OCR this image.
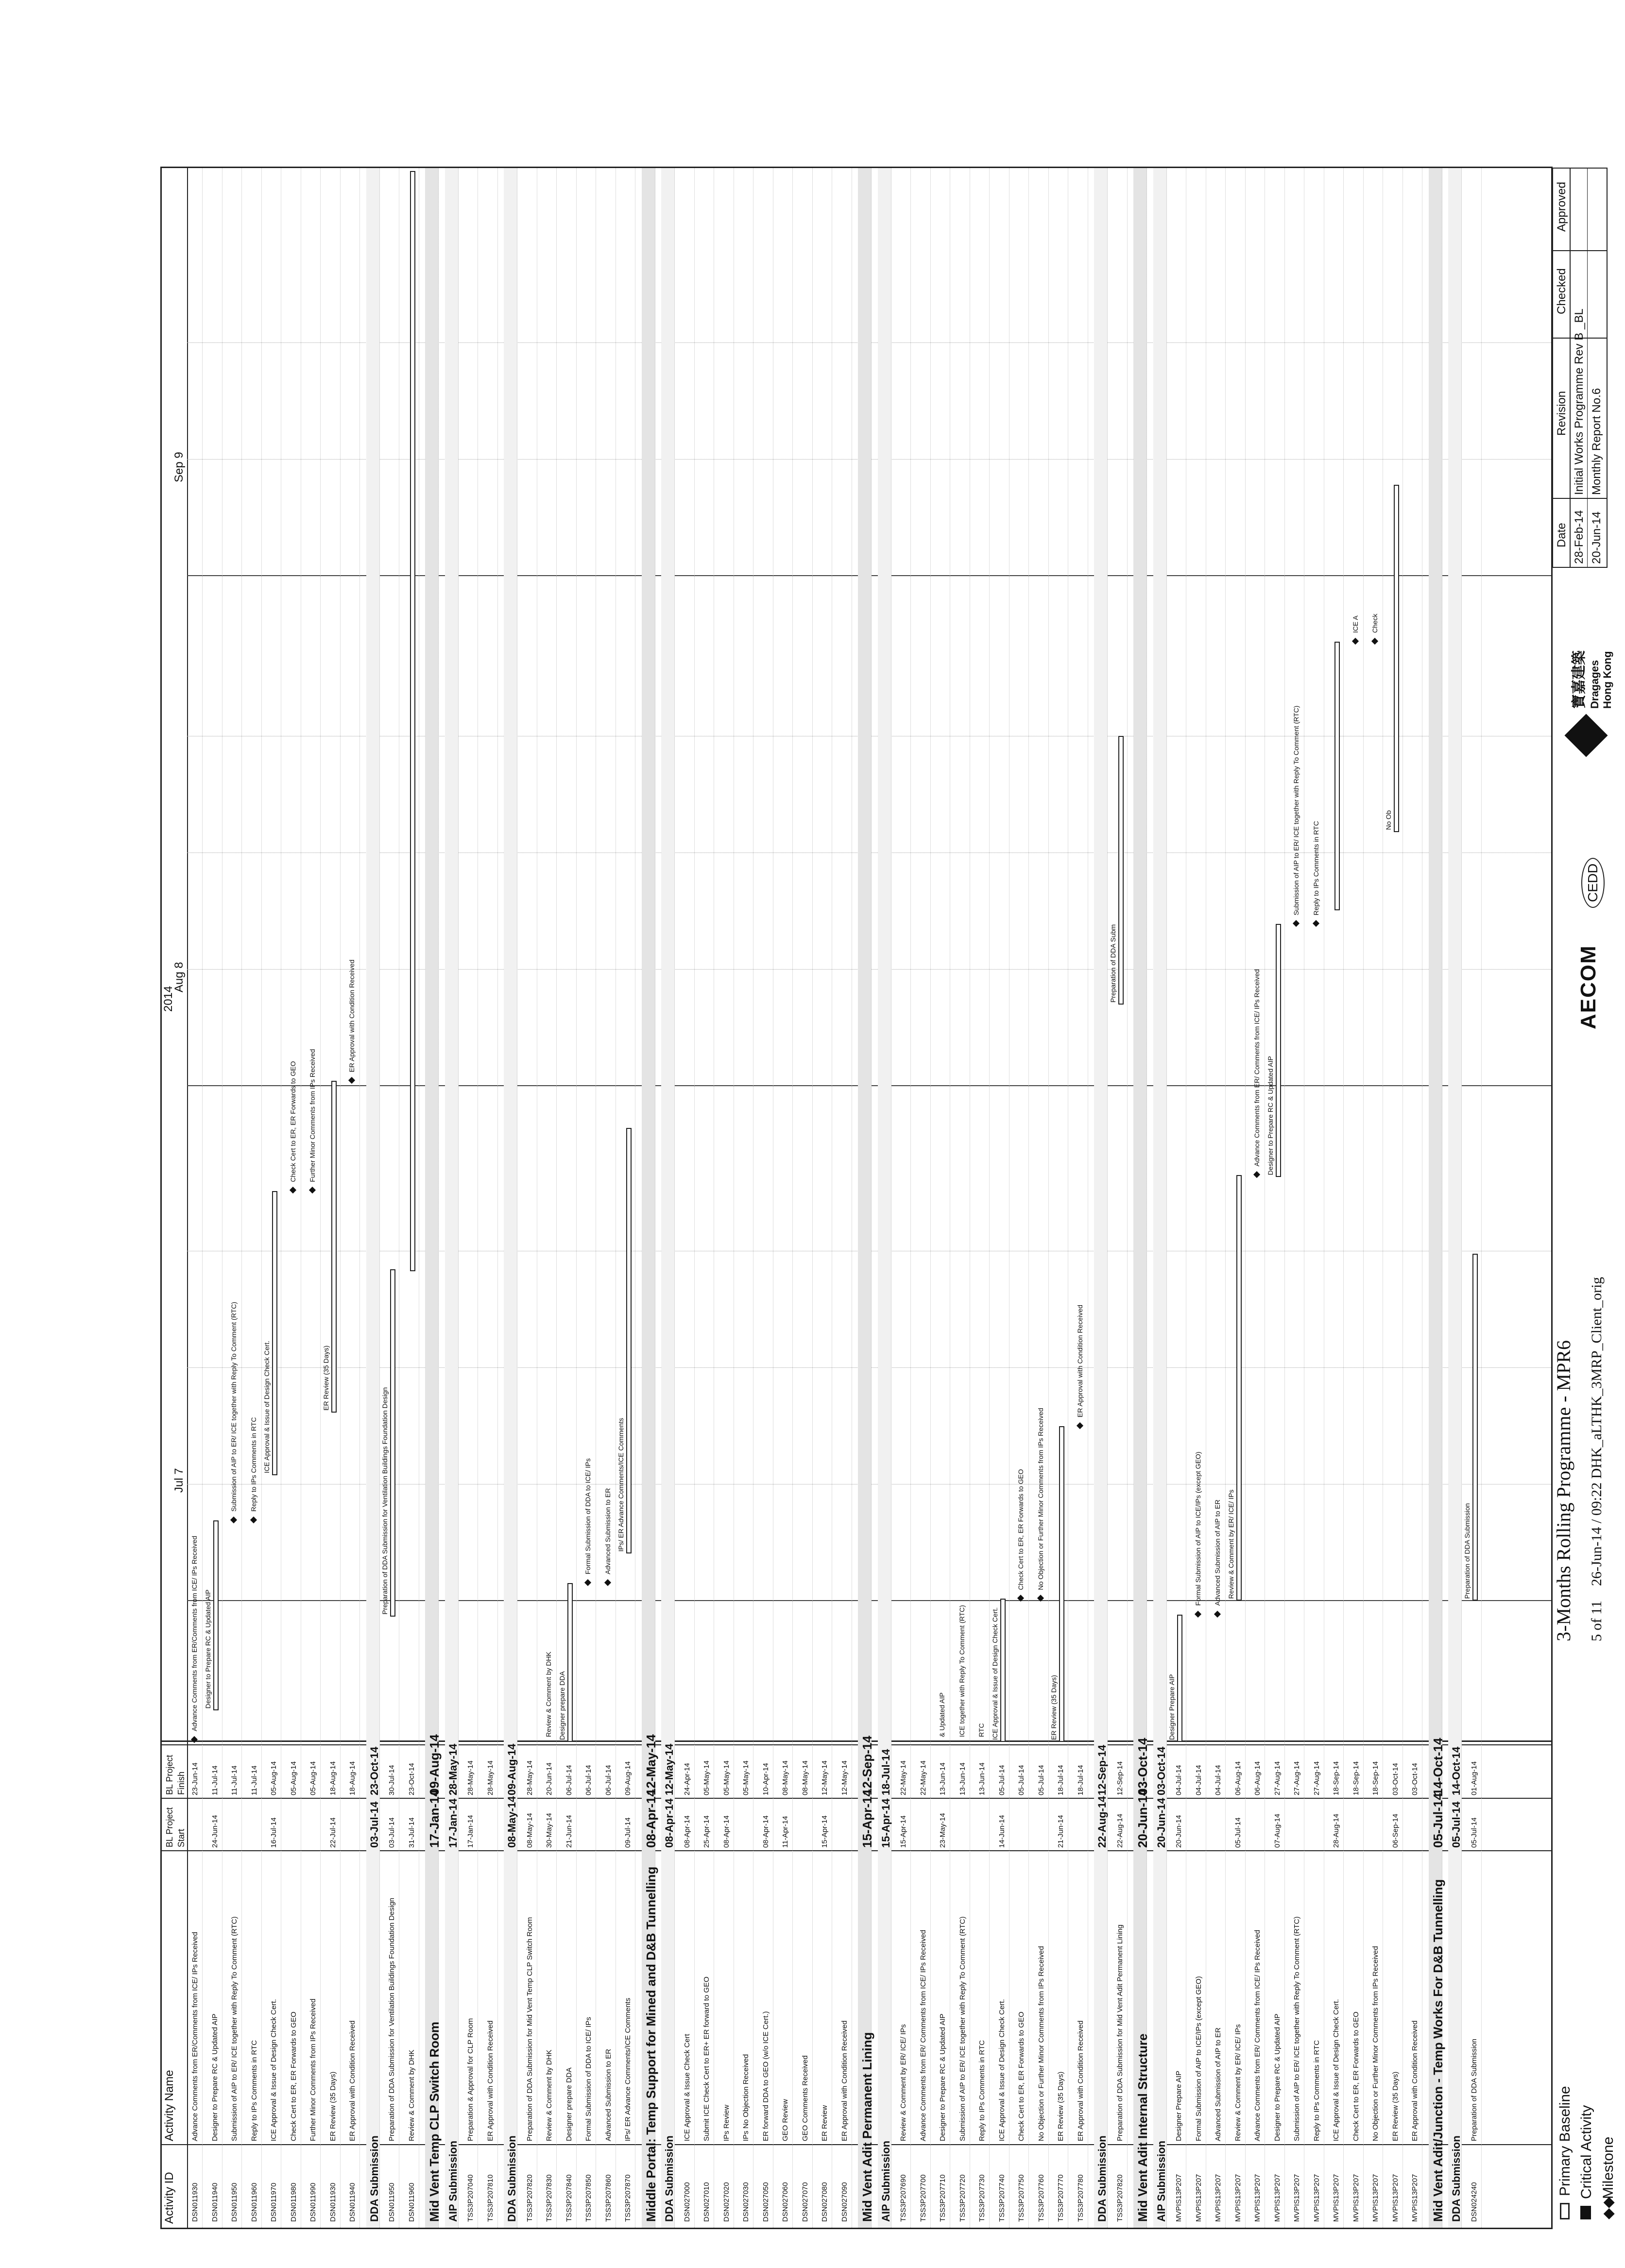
Activity ID
Activity Name
BL Project Start
BL Project Finish
2014
Jul 7
Aug 8
Sep 9
DSN011930
Advance Comments from ER/Comments from ICE/ IPs Received
23-Jun-14
Advance Comments from ER/Comments from ICE/ IPs Received
DSN011940
Designer to Prepare RC & Updated AIP
24-Jun-14
11-Jul-14
Designer to Prepare RC & Updated AIP
DSN011950
Submission of AIP to ER/ ICE together with Reply To Comment (RTC)
11-Jul-14
Submission of AIP to ER/ ICE together with Reply To Comment (RTC)
DSN011960
Reply to IPs Comments in RTC
11-Jul-14
Reply to IPs Comments in RTC
DSN011970
ICE Approval & Issue of Design Check Cert.
16-Jul-14
05-Aug-14
ICE Approval & Issue of Design Check Cert.
DSN011980
Check Cert to ER, ER Forwards to GEO
05-Aug-14
Check Cert to ER, ER Forwards to GEO
DSN011990
Further Minor Comments from IPs Received
05-Aug-14
Further Minor Comments from IPs Received
DSN011930
ER Review (35 Days)
22-Jul-14
18-Aug-14
ER Review (35 Days)
DSN011940
ER Approval with Condition Received
18-Aug-14
ER Approval with Condition Received
DDA Submission
03-Jul-14
23-Oct-14
DSN011950
Preparation of DDA Submission for Ventilation Buildings Foundation Design
03-Jul-14
30-Jul-14
Preparation of DDA Submission for Ventilation Buildings Foundation Design
DSN011960
Review & Comment by DHK
31-Jul-14
23-Oct-14
Mid Vent Temp CLP Switch Room
17-Jan-14
09-Aug-14
AIP Submission
17-Jan-14
28-May-14
TSS3P207040
Preparation & Approval for CLP Room
17-Jan-14
28-May-14
TSS3P207810
ER Approval with Condition Received
28-May-14
DDA Submission
08-May-14
09-Aug-14
TSS3P207820
Preparation of DDA Submission for Mid Vent Temp CLP Switch Room
08-May-14
28-May-14
TSS3P207830
Review & Comment by DHK
30-May-14
20-Jun-14
Review & Comment by DHK
TSS3P207840
Designer prepare DDA
21-Jun-14
06-Jul-14
Designer prepare DDA
TSS3P207850
Formal Submission of DDA to ICE/ IPs
06-Jul-14
Formal Submission of DDA to ICE/ IPs
TSS3P207860
Advanced Submission to ER
06-Jul-14
Advanced Submission to ER
TSS3P207870
IPs/ ER Advance Comments/ICE Comments
09-Jul-14
09-Aug-14
IPs/ ER Advance Comments/ICE Comments
Middle Portal: Temp Support for Mined and D&B Tunnelling
08-Apr-14
12-May-14
DDA Submission
08-Apr-14
12-May-14
DSN027000
ICE Approval & Issue Check Cert
08-Apr-14
24-Apr-14
DSN027010
Submit ICE Check Cert to ER+ ER forward to GEO
25-Apr-14
05-May-14
DSN027020
IPs Review
08-Apr-14
05-May-14
DSN027030
IPs No Objection Received
05-May-14
DSN027050
ER forward DDA to GEO (w/o ICE Cert.)
08-Apr-14
10-Apr-14
DSN027060
GEO Review
11-Apr-14
08-May-14
DSN027070
GEO Comments Received
08-May-14
DSN027080
ER Review
15-Apr-14
12-May-14
DSN027090
ER Approval with Condition Received
12-May-14
Mid Vent Adit Permanent Lining
15-Apr-14
12-Sep-14
AIP Submission
15-Apr-14
18-Jul-14
TSS3P207690
Review & Comment by ER/ ICE/ IPs
15-Apr-14
22-May-14
TSS3P207700
Advance Comments from ER/ Comments from ICE/ IPs Received
22-May-14
TSS3P207710
Designer to Prepare RC & Updated AIP
23-May-14
13-Jun-14
& Updated AIP
TSS3P207720
Submission of AIP to ER/ ICE together with Reply To Comment (RTC)
13-Jun-14
ICE together with Reply To Comment (RTC)
TSS3P207730
Reply to IPs Comments in RTC
13-Jun-14
RTC
TSS3P207740
ICE Approval & Issue of Design Check Cert.
14-Jun-14
05-Jul-14
ICE Approval & Issue of Design Check Cert.
TSS3P207750
Check Cert to ER, ER Forwards to GEO
05-Jul-14
Check Cert to ER, ER Forwards to GEO
TSS3P207760
No Objection or Further Minor Comments from IPs Received
05-Jul-14
No Objection or Further Minor Comments from IPs Received
TSS3P207770
ER Review (35 Days)
21-Jun-14
18-Jul-14
ER Review (35 Days)
TSS3P207780
ER Approval with Condition Received
18-Jul-14
ER Approval with Condition Received
DDA Submission
22-Aug-14
12-Sep-14
TSS3P207820
Preparation of DDA Submission for Mid Vent Adit Permanent Lining
22-Aug-14
12-Sep-14
Preparation of DDA Subm
Mid Vent Adit Internal Structure
20-Jun-14
03-Oct-14
AIP Submission
20-Jun-14
03-Oct-14
MVPIS13P207
Designer Prepare AIP
20-Jun-14
04-Jul-14
Designer Prepare AIP
MVPIS13P207
Formal Submission of AIP to ICE/IPs (except GEO)
04-Jul-14
Formal Submission of AIP to ICE/IPs (except GEO)
MVPIS13P207
Advanced Submission of AIP to ER
04-Jul-14
Advanced Submission of AIP to ER
MVPIS13P207
Review & Comment by ER/ ICE/ IPs
05-Jul-14
06-Aug-14
Review & Comment by ER/ ICE/ IPs
MVPIS13P207
Advance Comments from ER/ Comments from ICE/ IPs Received
06-Aug-14
Advance Comments from ER/ Comments from ICE/ IPs Received
MVPIS13P207
Designer to Prepare RC & Updated AIP
07-Aug-14
27-Aug-14
Designer to Prepare RC & Updated AIP
MVPIS13P207
Submission of AIP to ER/ ICE together with Reply To Comment (RTC)
27-Aug-14
Submission of AIP to ER/ ICE together with Reply To Comment (RTC)
MVPIS13P207
Reply to IPs Comments in RTC
27-Aug-14
Reply to IPs Comments in RTC
MVPIS13P207
ICE Approval & Issue of Design Check Cert.
28-Aug-14
18-Sep-14
MVPIS13P207
Check Cert to ER, ER Forwards to GEO
18-Sep-14
ICE A
MVPIS13P207
No Objection or Further Minor Comments from IPs Received
18-Sep-14
Check
MVPIS13P207
ER Review (35 Days)
06-Sep-14
03-Oct-14
No Ob
MVPIS13P207
ER Approval with Condition Received
03-Oct-14
Mid Vent Adit/Junction - Temp Works For D&B Tunnelling
05-Jul-14
14-Oct-14
DDA Submission
05-Jul-14
14-Oct-14
DSN024240
Preparation of DDA Submission
05-Jul-14
01-Aug-14
Preparation of DDA Submission
Primary Baseline Critical Activity
◆◆Milestone
3-Months Rolling Programme - MPR6 5 of 11    26-Jun-14 / 09:22 DHK_aLTHK_3MRP_Client_orig
AECOM
CEDD
寶嘉建築 Dragages Hong Kong
Date
Revision
Checked
Approved
28-Feb-14
Initial Works Programme Rev B _BL
20-Jun-14
Monthly Report No.6
